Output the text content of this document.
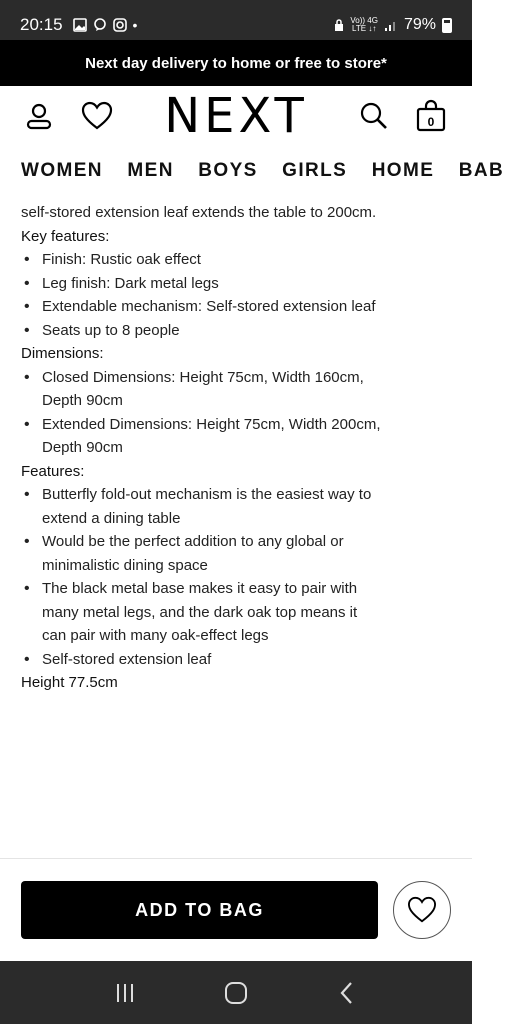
20:15	•	Vo)) 4G
LTE ↓↑ 79%
Next day delivery to home or free to store*
NEXT	0
WOMEN MEN BOYS GIRLS HOME BAB

self-stored extension leaf extends the table to 200cm.

Key features:

• Finish: Rustic oak effect
• Leg finish: Dark metal legs
• Extendable mechanism: Self-stored extension leaf
• Seats up to 8 people

Dimensions:

• Closed Dimensions: Height 75cm, Width 160cm, Depth 90cm
• Extended Dimensions: Height 75cm, Width 200cm, Depth 90cm

Features:

• Butterfly fold-out mechanism is the easiest way to extend a dining table
• Would be the perfect addition to any global or minimalistic dining space
• The black metal base makes it easy to pair with many metal legs, and the dark oak top means it can pair with many oak-effect legs
• Self-stored extension leaf

Height 77.5cm

ADD TO BAG
